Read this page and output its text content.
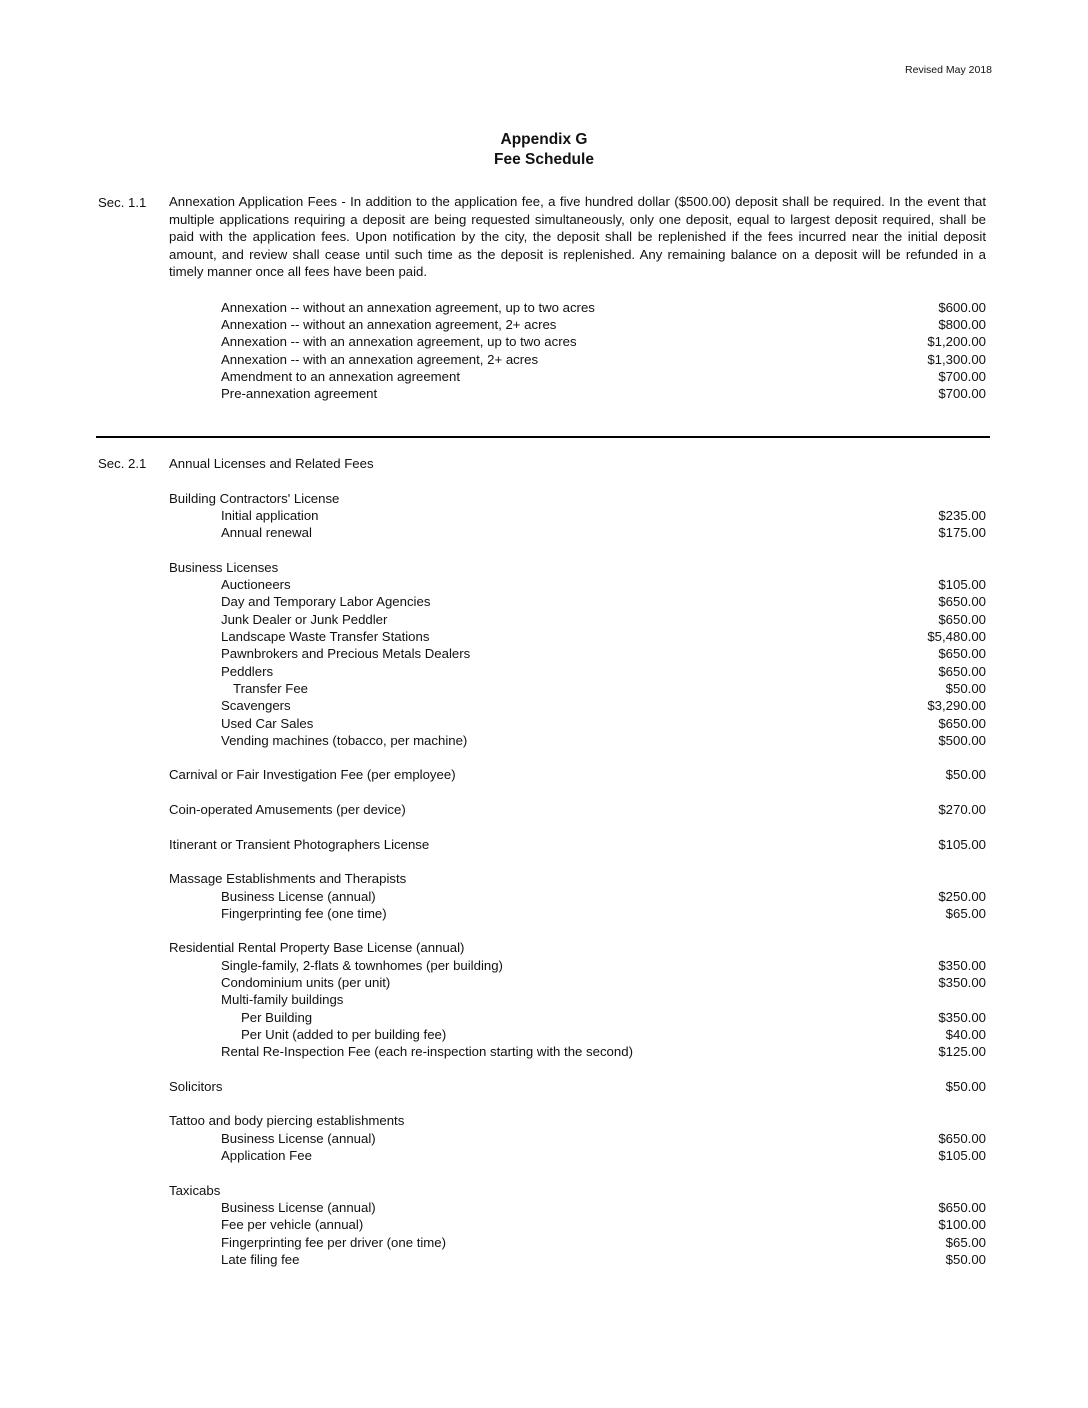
Revised May 2018
Appendix G
Fee Schedule
Sec. 1.1 Annexation Application Fees - In addition to the application fee, a five hundred dollar ($500.00) deposit shall be required. In the event that multiple applications requiring a deposit are being requested simultaneously, only one deposit, equal to largest deposit required, shall be paid with the application fees. Upon notification by the city, the deposit shall be replenished if the fees incurred near the initial deposit amount, and review shall cease until such time as the deposit is replenished. Any remaining balance on a deposit will be refunded in a timely manner once all fees have been paid.
Annexation -- without an annexation agreement, up to two acres	$600.00
Annexation -- without an annexation agreement, 2+ acres	$800.00
Annexation -- with an annexation agreement, up to two acres	$1,200.00
Annexation -- with an annexation agreement, 2+ acres	$1,300.00
Amendment to an annexation agreement	$700.00
Pre-annexation agreement	$700.00
Sec. 2.1 Annual Licenses and Related Fees
Building Contractors' License
Initial application	$235.00
Annual renewal	$175.00
Business Licenses
Auctioneers	$105.00
Day and Temporary Labor Agencies	$650.00
Junk Dealer or Junk Peddler	$650.00
Landscape Waste Transfer Stations	$5,480.00
Pawnbrokers and Precious Metals Dealers	$650.00
Peddlers	$650.00
Transfer Fee	$50.00
Scavengers	$3,290.00
Used Car Sales	$650.00
Vending machines (tobacco, per machine)	$500.00
Carnival or Fair Investigation Fee (per employee)	$50.00
Coin-operated Amusements (per device)	$270.00
Itinerant or Transient Photographers License	$105.00
Massage Establishments and Therapists
Business License (annual)	$250.00
Fingerprinting fee (one time)	$65.00
Residential Rental Property Base License (annual)
Single-family, 2-flats & townhomes (per building)	$350.00
Condominium units (per unit)	$350.00
Multi-family buildings
Per Building	$350.00
Per Unit (added to per building fee)	$40.00
Rental Re-Inspection Fee (each re-inspection starting with the second)	$125.00
Solicitors	$50.00
Tattoo and body piercing establishments
Business License (annual)	$650.00
Application Fee	$105.00
Taxicabs
Business License (annual)	$650.00
Fee per vehicle (annual)	$100.00
Fingerprinting fee per driver (one time)	$65.00
Late filing fee	$50.00
